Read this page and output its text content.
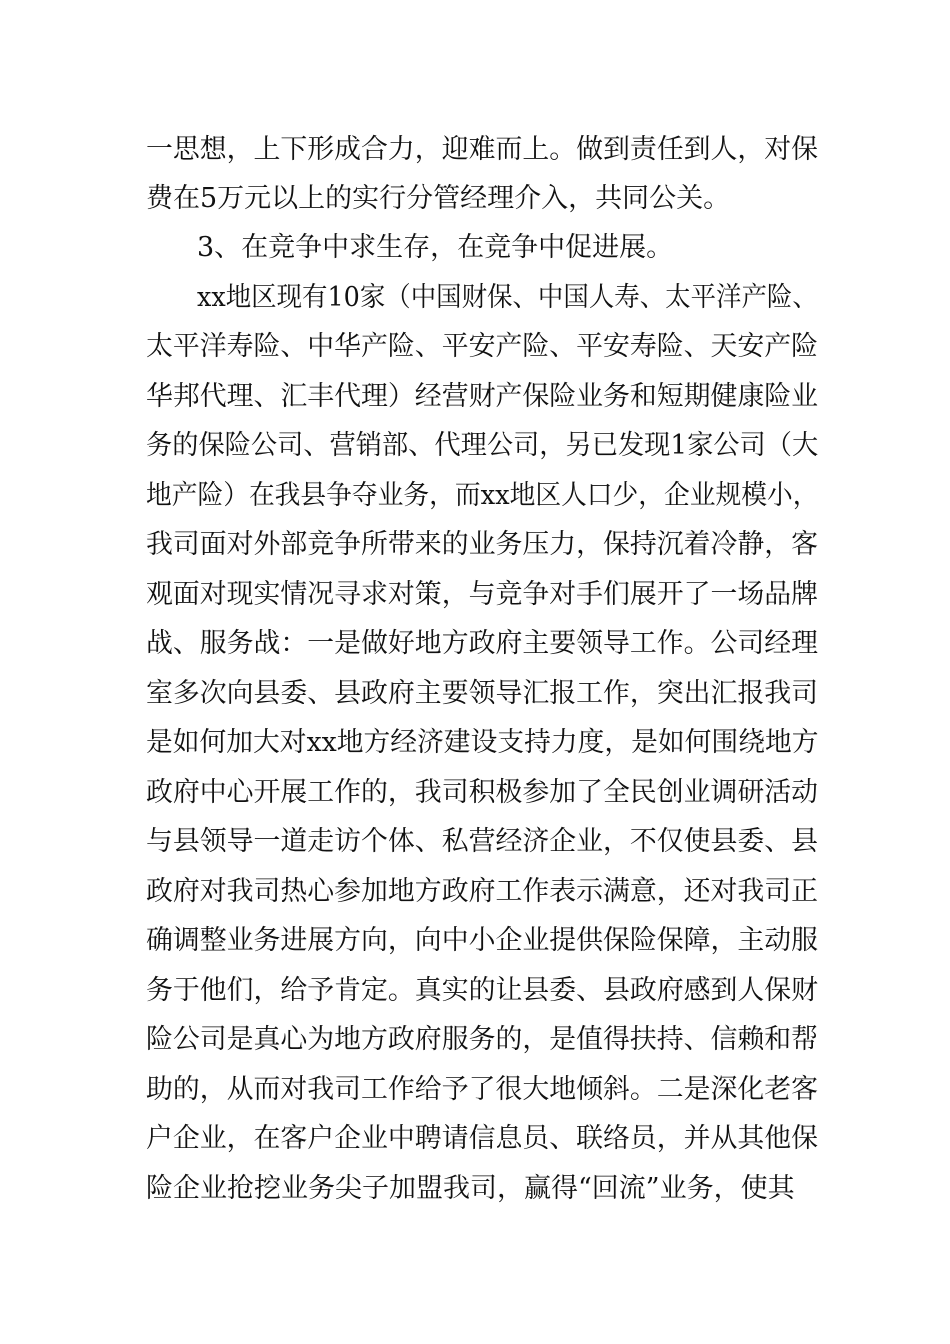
一思想，上下形成合力，迎难而上。做到责任到人，对保
费在5万元以上的实行分管经理介入，共同公关。
3、在竞争中求生存，在竞争中促进展。
xx地区现有10家（中国财保、中国人寿、太平洋产险、
太平洋寿险、中华产险、平安产险、平安寿险、天安产险
华邦代理、汇丰代理）经营财产保险业务和短期健康险业
务的保险公司、营销部、代理公司，另已发现1家公司（大
地产险）在我县争夺业务，而xx地区人口少，企业规模小，
我司面对外部竞争所带来的业务压力，保持沉着冷静，客
观面对现实情况寻求对策，与竞争对手们展开了一场品牌
战、服务战：一是做好地方政府主要领导工作。公司经理
室多次向县委、县政府主要领导汇报工作，突出汇报我司
是如何加大对xx地方经济建设支持力度，是如何围绕地方
政府中心开展工作的，我司积极参加了全民创业调研活动
与县领导一道走访个体、私营经济企业，不仅使县委、县
政府对我司热心参加地方政府工作表示满意，还对我司正
确调整业务进展方向，向中小企业提供保险保障，主动服
务于他们，给予肯定。真实的让县委、县政府感到人保财
险公司是真心为地方政府服务的，是值得扶持、信赖和帮
助的，从而对我司工作给予了很大地倾斜。二是深化老客
户企业，在客户企业中聘请信息员、联络员，并从其他保
险企业抢挖业务尖子加盟我司，赢得“回流”业务，使其
